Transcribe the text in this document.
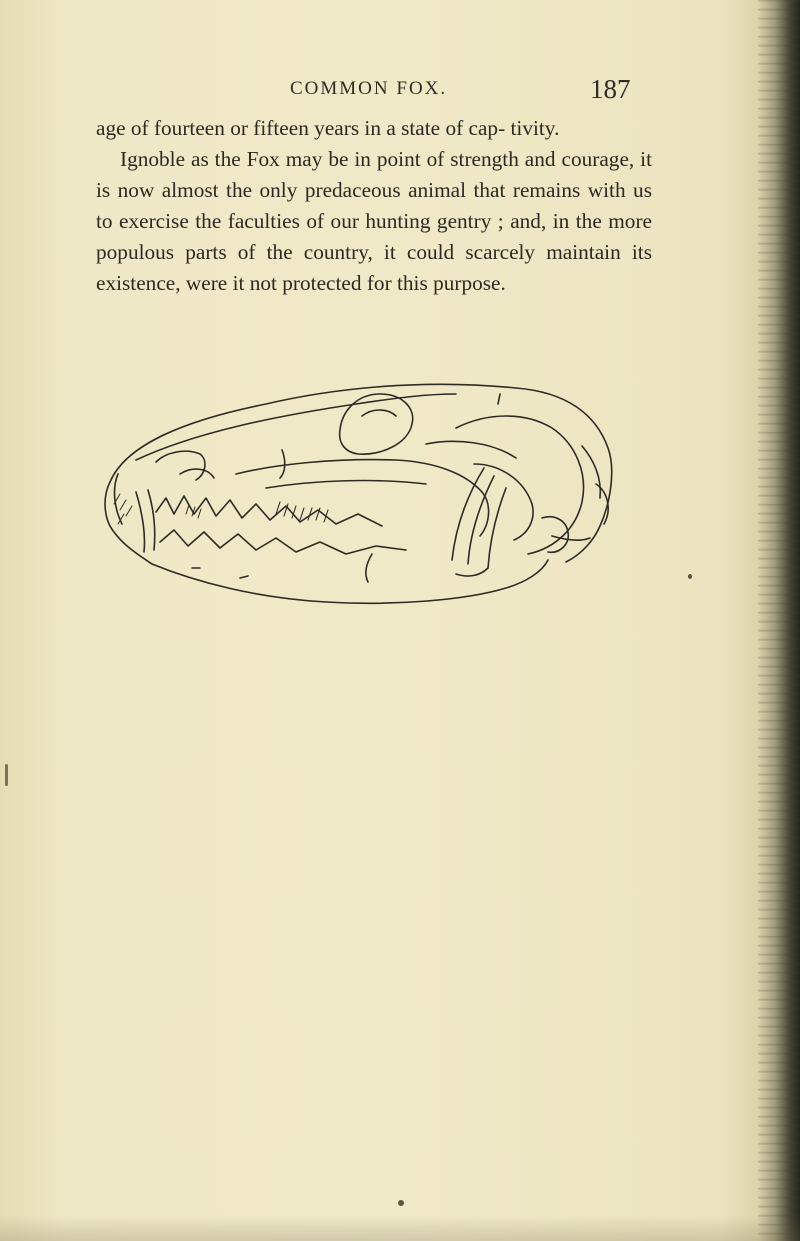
COMMON FOX.	187

age of fourteen or fifteen years in a state of cap- tivity.

Ignoble as the Fox may be in point of strength and courage, it is now almost the only predaceous animal that remains with us to exercise the faculties of our hunting gentry ; and, in the more populous parts of the country, it could scarcely maintain its existence, were it not protected for this purpose.
